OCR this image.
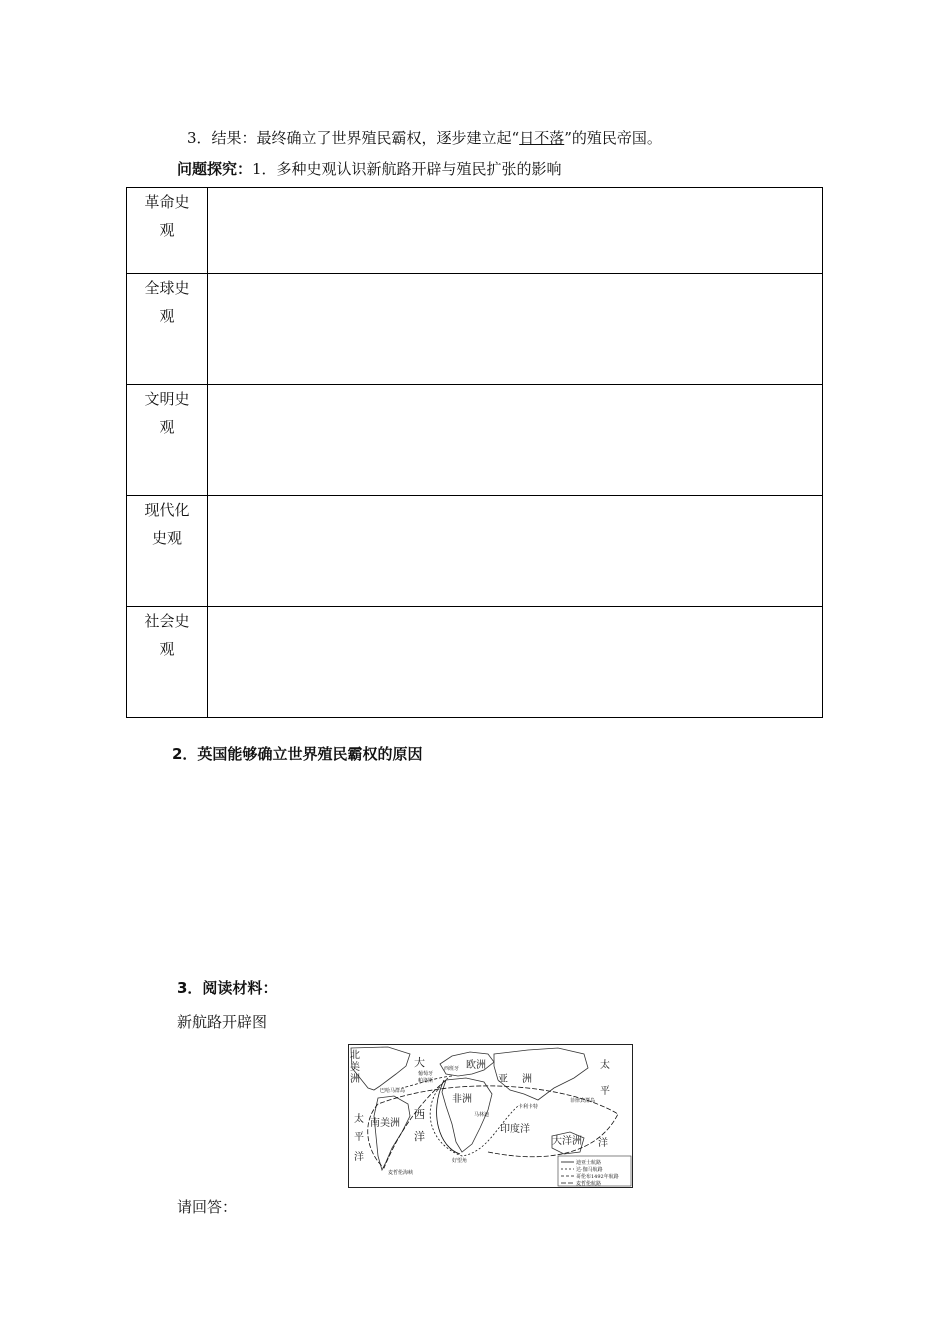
3．结果：最终确立了世界殖民霸权，逐步建立起“日不落”的殖民帝国。
问题探究：1．多种史观认识新航路开辟与殖民扩张的影响
革命史
观	

全球史
观	

文明史
观	

现代化
史观	

社会史
观	

2．英国能够确立世界殖民霸权的原因
3．阅读材料：
新航路开辟图
北
美
洲
大	欧洲
亚 洲
非洲
西
南美洲
洋
太
平
洋
太
平
洋
印度洋
大洋洲
葡萄牙
西班牙
帕洛斯
巴哈马群岛
马林迪
卡利卡特
菲律宾群岛
好望角
麦哲伦海峡
迪亚士航路
达·伽马航路
哥伦布1492年航路
麦哲伦航路
请回答：
